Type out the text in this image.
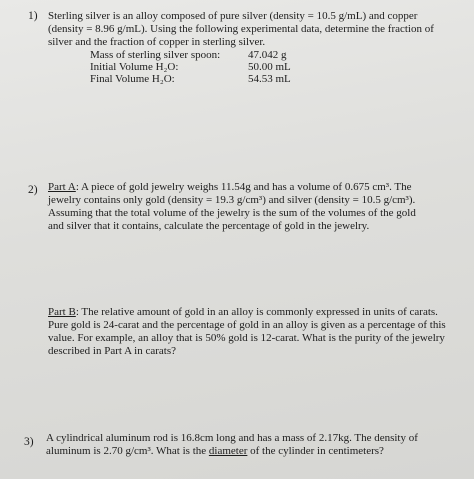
1) Sterling silver is an alloy composed of pure silver (density = 10.5 g/mL) and copper (density = 8.96 g/mL). Using the following experimental data, determine the fraction of silver and the fraction of copper in sterling silver.
Mass of sterling silver spoon:	47.042 g
Initial Volume H₂O:	50.00 mL
Final Volume H₂O:	54.53 mL
2) Part A: A piece of gold jewelry weighs 11.54g and has a volume of 0.675 cm³. The jewelry contains only gold (density = 19.3 g/cm³) and silver (density = 10.5 g/cm³). Assuming that the total volume of the jewelry is the sum of the volumes of the gold and silver that it contains, calculate the percentage of gold in the jewelry.
Part B: The relative amount of gold in an alloy is commonly expressed in units of carats. Pure gold is 24-carat and the percentage of gold in an alloy is given as a percentage of this value. For example, an alloy that is 50% gold is 12-carat. What is the purity of the jewelry described in Part A in carats?
3) A cylindrical aluminum rod is 16.8cm long and has a mass of 2.17kg. The density of aluminum is 2.70 g/cm³. What is the diameter of the cylinder in centimeters?
